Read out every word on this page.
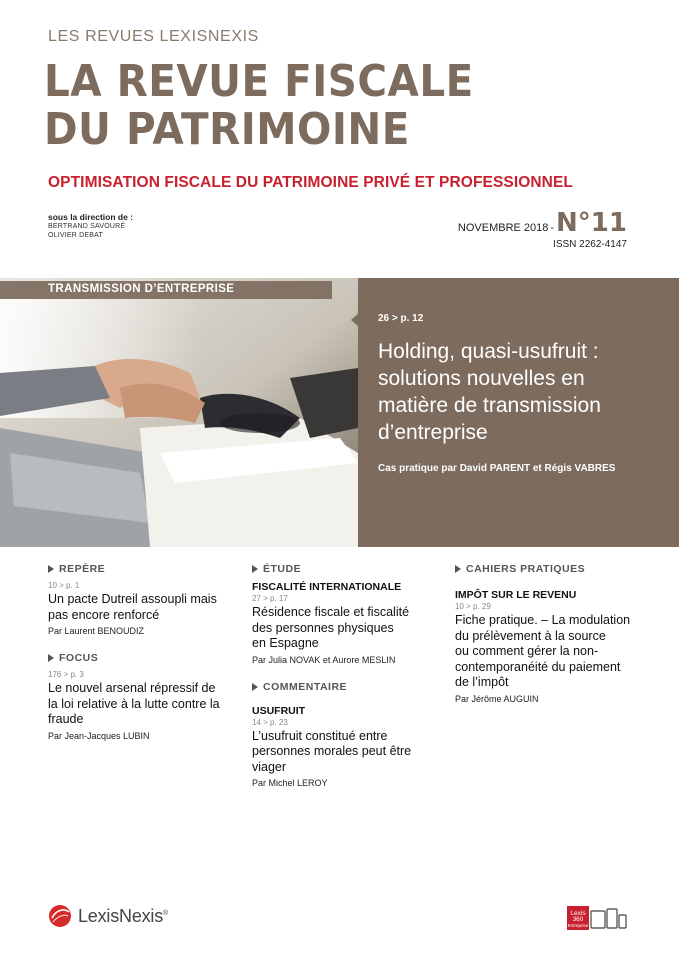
LES REVUES LEXISNEXIS
LA REVUE FISCALE
DU PATRIMOINE
OPTIMISATION FISCALE DU PATRIMOINE PRIVÉ ET PROFESSIONNEL
sous la direction de :
BERTRAND SAVOURÉ
OLIVIER DEBAT
NOVEMBRE 2018 - N°11
ISSN 2262-4147
TRANSMISSION D’ENTREPRISE
26 > p. 12
Holding, quasi-usufruit :
solutions nouvelles en
matière de transmission
d’entreprise
Cas pratique par David PARENT et Régis VABRES
REPÈRE
10 > p. 1
Un pacte Dutreil assoupli mais
pas encore renforcé
Par Laurent BENOUDIZ
FOCUS
176 > p. 3
Le nouvel arsenal répressif de
la loi relative à la lutte contre la
fraude
Par Jean-Jacques LUBIN
ÉTUDE
FISCALITÉ INTERNATIONALE
27 > p. 17
Résidence fiscale et fiscalité
des personnes physiques
en Espagne
Par Julia NOVAK et Aurore MESLIN
COMMENTAIRE
USUFRUIT
14 > p. 23
L’usufruit constitué entre
personnes morales peut être
viager
Par Michel LEROY
CAHIERS PRATIQUES
IMPÔT SUR LE REVENU
10 > p. 29
Fiche pratique. – La modulation
du prélèvement à la source
ou comment gérer la non-
contemporanéité du paiement
de l’impôt
Par Jérôme AUGUIN
LexisNexis®	Lexis
360
Entreprise
